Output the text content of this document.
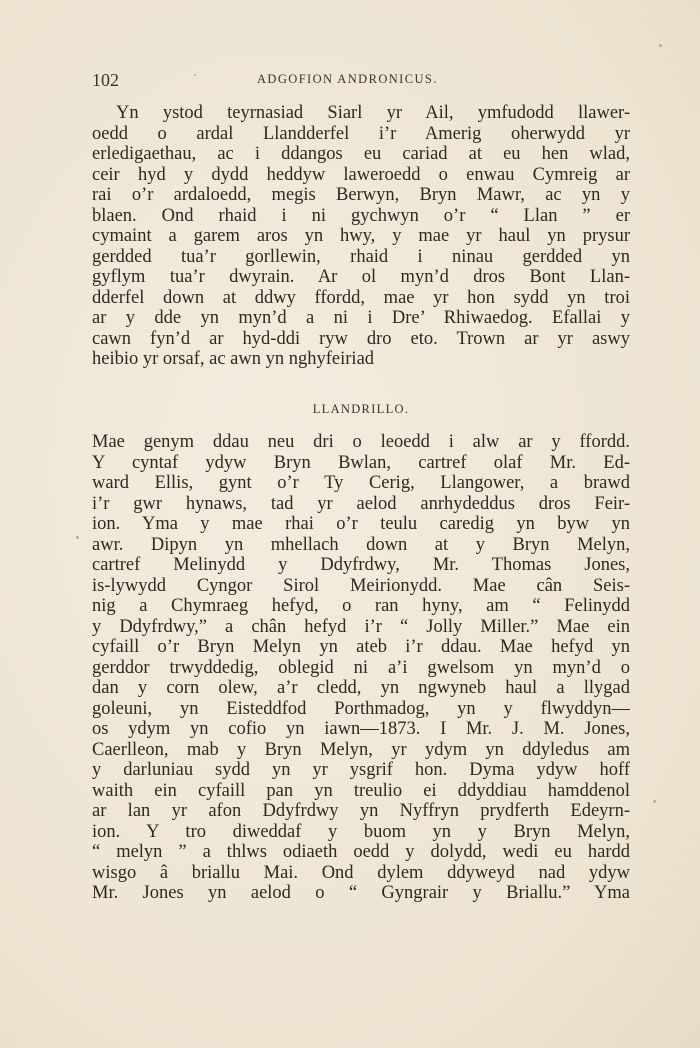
102	ADGOFION ANDRONICUS.
Yn ystod teyrnasiad Siarl yr Ail, ymfudodd llawer-
oedd o ardal Llandderfel i’r Amerig oherwydd yr
erledigaethau, ac i ddangos eu cariad at eu hen wlad,
ceir hyd y dydd heddyw laweroedd o enwau Cymreig ar
rai o’r ardaloedd, megis Berwyn, Bryn Mawr, ac yn y
blaen. Ond rhaid i ni gychwyn o’r “ Llan ” er
cymaint a garem aros yn hwy, y mae yr haul yn prysur
gerdded tua’r gorllewin, rhaid i ninau gerdded yn
gyflym tua’r dwyrain. Ar ol myn’d dros Bont Llan-
dderfel down at ddwy ffordd, mae yr hon sydd yn troi
ar y dde yn myn’d a ni i Dre’ Rhiwaedog. Efallai y
cawn fyn’d ar hyd-ddi ryw dro eto. Trown ar yr aswy
heibio yr orsaf, ac awn yn nghyfeiriad
LLANDRILLO.
Mae genym ddau neu dri o leoedd i alw ar y ffordd.
Y cyntaf ydyw Bryn Bwlan, cartref olaf Mr. Ed-
ward Ellis, gynt o’r Ty Cerig, Llangower, a brawd
i’r gwr hynaws, tad yr aelod anrhydeddus dros Feir-
ion. Yma y mae rhai o’r teulu caredig yn byw yn
awr. Dipyn yn mhellach down at y Bryn Melyn,
cartref Melinydd y Ddyfrdwy, Mr. Thomas Jones,
is-lywydd Cyngor Sirol Meirionydd. Mae cân Seis-
nig a Chymraeg hefyd, o ran hyny, am “ Felinydd
y Ddyfrdwy,” a chân hefyd i’r “ Jolly Miller.” Mae ein
cyfaill o’r Bryn Melyn yn ateb i’r ddau. Mae hefyd yn
gerddor trwyddedig, oblegid ni a’i gwelsom yn myn’d o
dan y corn olew, a’r cledd, yn ngwyneb haul a llygad
goleuni, yn Eisteddfod Porthmadog, yn y flwyddyn—
os ydym yn cofio yn iawn—1873. I Mr. J. M. Jones,
Caerlleon, mab y Bryn Melyn, yr ydym yn ddyledus am
y darluniau sydd yn yr ysgrif hon. Dyma ydyw hoff
waith ein cyfaill pan yn treulio ei ddyddiau hamddenol
ar lan yr afon Ddyfrdwy yn Nyffryn prydferth Edeyrn-
ion. Y tro diweddaf y buom yn y Bryn Melyn,
“ melyn ” a thlws odiaeth oedd y dolydd, wedi eu hardd
wisgo â briallu Mai. Ond dylem ddyweyd nad ydyw
Mr. Jones yn aelod o “ Gyngrair y Briallu.” Yma
